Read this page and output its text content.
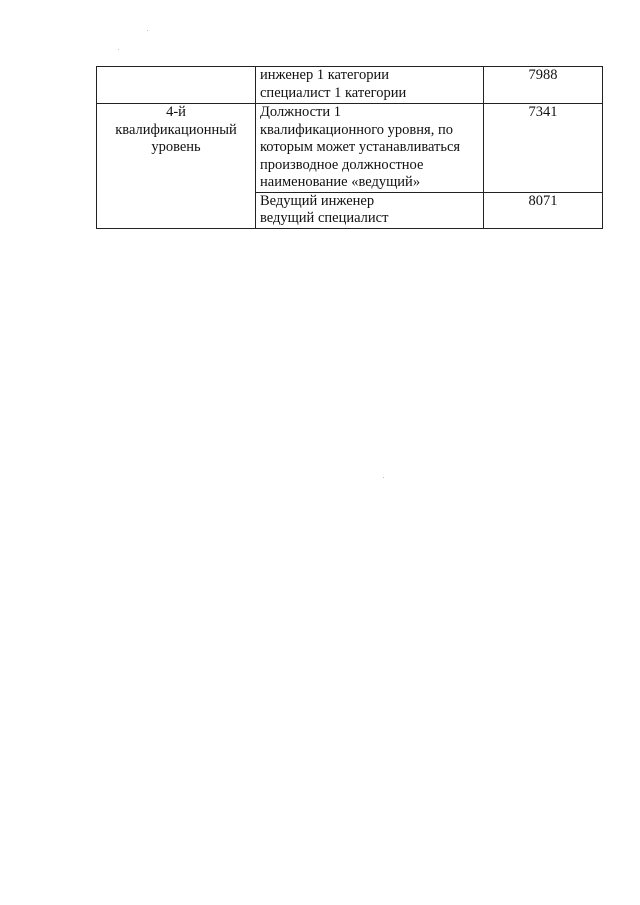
	инженер 1 категории
специалист 1 категории	7988

4-й
квалификационный
уровень	Должности 1
квалификационного уровня, по
которым может устанавливаться
производное должностное
наименование «ведущий»	7341

	Ведущий инженер
ведущий специалист	8071
